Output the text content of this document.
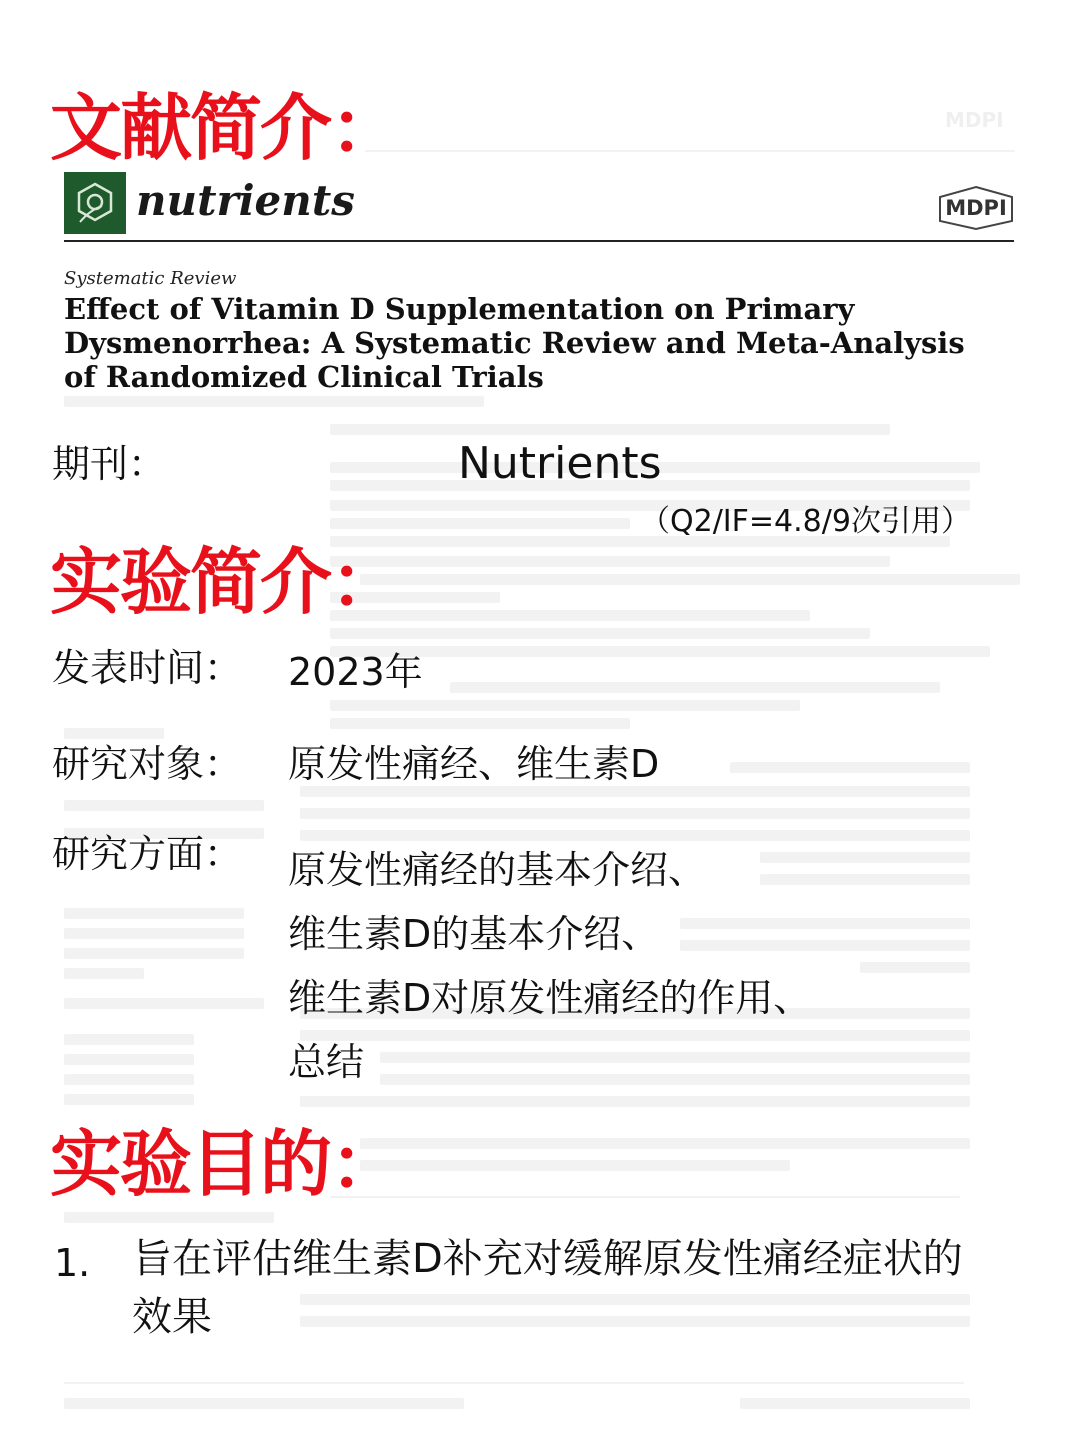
MDPI
文献简介：
nutrients	MDPI
Systematic Review
Effect of Vitamin D Supplementation on Primary Dysmenorrhea: A Systematic Review and Meta-Analysis of Randomized Clinical Trials
期刊：	Nutrients
（Q2/IF=4.8/9次引用）
实验简介：
发表时间： 2023年
研究对象： 原发性痛经、维生素D
研究方面： 原发性痛经的基本介绍、
维生素D的基本介绍、
维生素D对原发性痛经的作用、
总结
实验目的：
1. 旨在评估维生素D补充对缓解原发性痛经症状的效果
